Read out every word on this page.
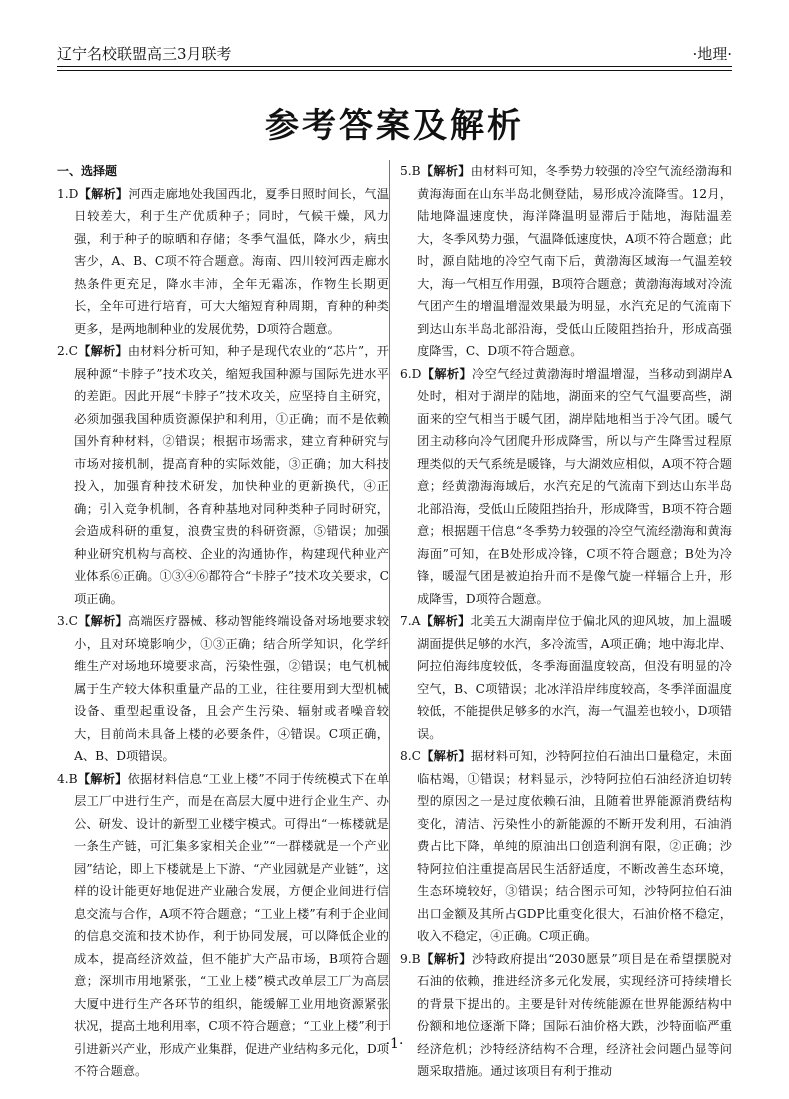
辽宁名校联盟高三3月联考	·地理·
参考答案及解析
一、选择题

1.D【解析】河西走廊地处我国西北，夏季日照时间长，气温日较差大，利于生产优质种子；同时，气候干燥，风力强，利于种子的晾晒和存储；冬季气温低，降水少，病虫害少，A、B、C项不符合题意。海南、四川较河西走廊水热条件更充足，降水丰沛，全年无霜冻，作物生长期更长，全年可进行培育，可大大缩短育种周期，育种的种类更多，是两地制种业的发展优势，D项符合题意。

2.C【解析】由材料分析可知，种子是现代农业的“芯片”，开展种源“卡脖子”技术攻关，缩短我国种源与国际先进水平的差距。因此开展“卡脖子”技术攻关，应坚持自主研究，必须加强我国种质资源保护和利用，①正确；而不是依赖国外育种材料，②错误；根据市场需求，建立育种研究与市场对接机制，提高育种的实际效能，③正确；加大科技投入，加强育种技术研发，加快种业的更新换代，④正确；引入竞争机制，各育种基地对同种类种子同时研究，会造成科研的重复，浪费宝贵的科研资源，⑤错误；加强种业研究机构与高校、企业的沟通协作，构建现代种业产业体系⑥正确。①③④⑥都符合“卡脖子”技术攻关要求，C项正确。

3.C【解析】高端医疗器械、移动智能终端设备对场地要求较小，且对环境影响少，①③正确；结合所学知识，化学纤维生产对场地环境要求高，污染性强，②错误；电气机械属于生产较大体积重量产品的工业，往往要用到大型机械设备、重型起重设备，且会产生污染、辐射或者噪音较大，目前尚未具备上楼的必要条件，④错误。C项正确，A、B、D项错误。

4.B【解析】依据材料信息“工业上楼”不同于传统模式下在单层工厂中进行生产，而是在高层大厦中进行企业生产、办公、研发、设计的新型工业楼宇模式。可得出“一栋楼就是一条生产链，可汇集多家相关企业”“一群楼就是一个产业园”结论，即上下楼就是上下游、“产业园就是产业链”，这样的设计能更好地促进产业融合发展，方便企业间进行信息交流与合作，A项不符合题意；“工业上楼”有利于企业间的信息交流和技术协作，利于协同发展，可以降低企业的成本，提高经济效益，但不能扩大产品市场，B项符合题意；深圳市用地紧张，“工业上楼”模式改单层工厂为高层大厦中进行生产各环节的组织，能缓解工业用地资源紧张状况，提高土地利用率，C项不符合题意；“工业上楼”利于引进新兴产业，形成产业集群，促进产业结构多元化，D项不符合题意。

5.B【解析】由材料可知，冬季势力较强的冷空气流经渤海和黄海海面在山东半岛北侧登陆，易形成冷流降雪。12月，陆地降温速度快，海洋降温明显滞后于陆地，海陆温差大，冬季风势力强，气温降低速度快，A项不符合题意；此时，源自陆地的冷空气南下后，黄渤海区域海一气温差较大，海一气相互作用强，B项符合题意；黄渤海海域对冷流气团产生的增温增湿效果最为明显，水汽充足的气流南下到达山东半岛北部沿海，受低山丘陵阻挡抬升，形成高强度降雪，C、D项不符合题意。

6.D【解析】冷空气经过黄渤海时增温增湿，当移动到湖岸A处时，相对于湖岸的陆地，湖面来的空气气温要高些，湖面来的空气相当于暖气团，湖岸陆地相当于冷气团。暖气团主动移向冷气团爬升形成降雪，所以与产生降雪过程原理类似的天气系统是暖锋，与大湖效应相似，A项不符合题意；经黄渤海海域后，水汽充足的气流南下到达山东半岛北部沿海，受低山丘陵阻挡抬升，形成降雪，B项不符合题意；根据题干信息“冬季势力较强的冷空气流经渤海和黄海海面”可知，在B处形成冷锋，C项不符合题意；B处为冷锋，暖湿气团是被迫抬升而不是像气旋一样辐合上升，形成降雪，D项符合题意。

7.A【解析】北美五大湖南岸位于偏北风的迎风坡，加上温暖湖面提供足够的水汽，多冷流雪，A项正确；地中海北岸、阿拉伯海纬度较低，冬季海面温度较高，但没有明显的冷空气，B、C项错误；北冰洋沿岸纬度较高，冬季洋面温度较低，不能提供足够多的水汽，海一气温差也较小，D项错误。

8.C【解析】据材料可知，沙特阿拉伯石油出口量稳定，未面临枯竭，①错误；材料显示，沙特阿拉伯石油经济迫切转型的原因之一是过度依赖石油，且随着世界能源消费结构变化，清洁、污染性小的新能源的不断开发利用，石油消费占比下降，单纯的原油出口创造利润有限，②正确；沙特阿拉伯注重提高居民生活舒适度，不断改善生态环境，生态环境较好，③错误；结合图示可知，沙特阿拉伯石油出口金额及其所占GDP比重变化很大，石油价格不稳定，收入不稳定，④正确。C项正确。

9.B【解析】沙特政府提出“2030愿景”项目是在希望摆脱对石油的依赖，推进经济多元化发展，实现经济可持续增长的背景下提出的。主要是针对传统能源在世界能源结构中份额和地位逐渐下降；国际石油价格大跌，沙特面临严重经济危机；沙特经济结构不合理，经济社会问题凸显等问题采取措施。通过该项目有利于推动

·1·
